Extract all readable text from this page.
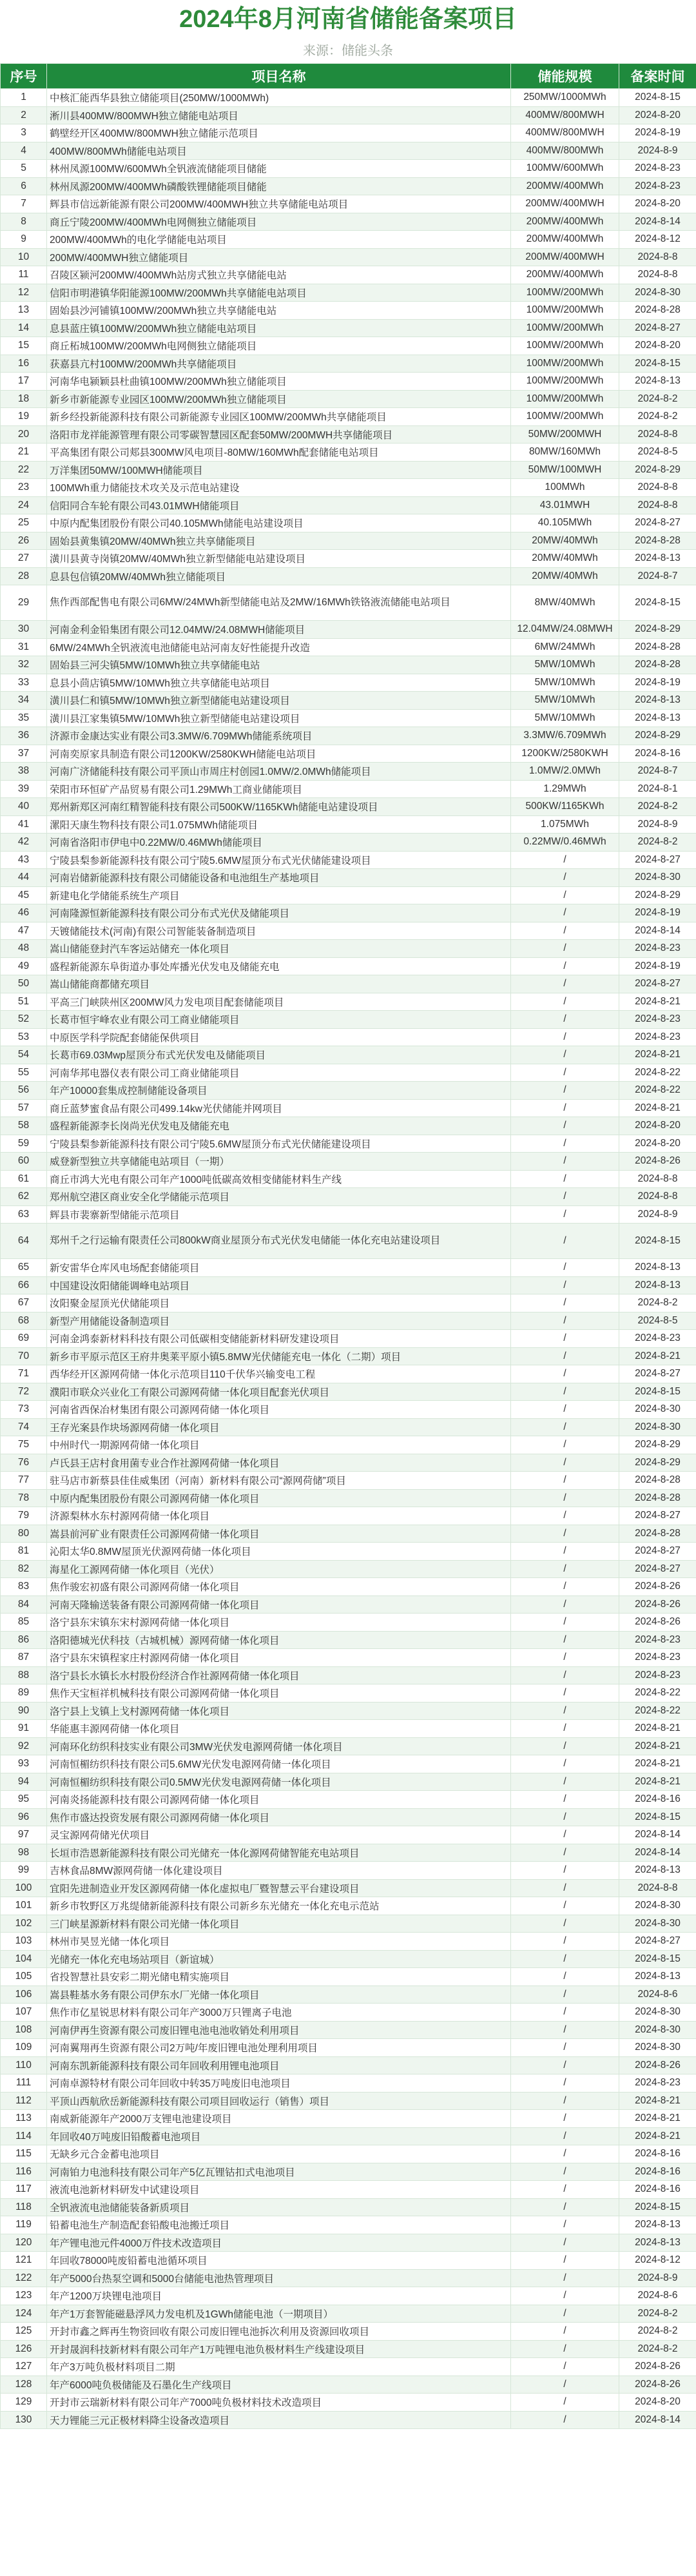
2024年8月河南省储能备案项目
来源：储能头条
序号	项目名称	储能规模	备案时间
1	中核汇能西华县独立储能项目(250MW/1000MWh)	250MW/1000MWh	2024-8-15
2	淅川县400MW/800MWH独立储能电站项目	400MW/800MWH	2024-8-20
3	鹤壁经开区400MW/800MWH独立储能示范项目	400MW/800MWH	2024-8-19
4	400MW/800MWh储能电站项目	400MW/800MWh	2024-8-9
5	林州凤源100MW/600MWh全钒液流储能项目储能	100MW/600MWh	2024-8-23
6	林州凤源200MW/400MWh磷酸铁锂储能项目储能	200MW/400MWh	2024-8-23
7	辉县市信远新能源有限公司200MW/400MWH独立共享储能电站项目	200MW/400MWH	2024-8-20
8	商丘宁陵200MW/400MWh电网侧独立储能项目	200MW/400MWh	2024-8-14
9	200MW/400MWh的电化学储能电站项目	200MW/400MWh	2024-8-12
10	200MW/400MWH独立储能项目	200MW/400MWH	2024-8-8
11	召陵区颍河200MW/400MWh站房式独立共享储能电站	200MW/400MWh	2024-8-8
12	信阳市明港镇华阳能源100MW/200MWh共享储能电站项目	100MW/200MWh	2024-8-30
13	固始县沙河铺镇100MW/200MWh独立共享储能电站	100MW/200MWh	2024-8-28
14	息县蓝庄镇100MW/200MWh独立储能电站项目	100MW/200MWh	2024-8-27
15	商丘柘城100MW/200MWh电网侧独立储能项目	100MW/200MWh	2024-8-20
16	获嘉县亢村100MW/200MWh共享储能项目	100MW/200MWh	2024-8-15
17	河南华电颍颖县杜曲镇100MW/200MWh独立储能项目	100MW/200MWh	2024-8-13
18	新乡市新能源专业园区100MW/200MWh独立储能项目	100MW/200MWh	2024-8-2
19	新乡经投新能源科技有限公司新能源专业园区100MW/200MWh共享储能项目	100MW/200MWh	2024-8-2
20	洛阳市龙祥能源管理有限公司零碳智慧园区配套50MW/200MWH共享储能项目	50MW/200MWH	2024-8-8
21	平高集团有限公司郏县300MW风电项目-80MW/160MWh配套储能电站项目	80MW/160MWh	2024-8-5
22	万洋集团50MW/100MWH储能项目	50MW/100MWH	2024-8-29
23	100MWh重力储能技术攻关及示范电站建设	100MWh	2024-8-8
24	信阳同合车轮有限公司43.01MWH储能项目	43.01MWH	2024-8-8
25	中原内配集团股份有限公司40.105MWh储能电站建设项目	40.105MWh	2024-8-27
26	固始县黄集镇20MW/40MWh独立共享储能项目	20MW/40MWh	2024-8-28
27	潢川县黄寺岗镇20MW/40MWh独立新型储能电站建设项目	20MW/40MWh	2024-8-13
28	息县包信镇20MW/40MWh独立储能项目	20MW/40MWh	2024-8-7
29	焦作西部配售电有限公司6MW/24MWh新型储能电站及2MW/16MWh铁铬液流储能电站项目	8MW/40MWh	2024-8-15
30	河南金利金铅集团有限公司12.04MW/24.08MWH储能项目	12.04MW/24.08MWH	2024-8-29
31	6MW/24MWh全钒液流电池储能电站河南友好性能提升改造	6MW/24MWh	2024-8-28
32	固始县三河尖镇5MW/10MWh独立共享储能电站	5MW/10MWh	2024-8-28
33	息县小茴店镇5MW/10MWh独立共享储能电站项目	5MW/10MWh	2024-8-19
34	潢川县仁和镇5MW/10MWh独立新型储能电站建设项目	5MW/10MWh	2024-8-13
35	潢川县江家集镇5MW/10MWh独立新型储能电站建设项目	5MW/10MWh	2024-8-13
36	济源市金康达实业有限公司3.3MW/6.709MWh储能系统项目	3.3MW/6.709MWh	2024-8-29
37	河南奕原家具制造有限公司1200KW/2580KWH储能电站项目	1200KW/2580KWH	2024-8-16
38	河南广济储能科技有限公司平顶山市周庄村创园1.0MW/2.0MWh储能项目	1.0MW/2.0MWh	2024-8-7
39	荣阳市环恒矿产品贸易有限公司1.29MWh工商业储能项目	1.29MWh	2024-8-1
40	郑州新郑区河南红精智能科技有限公司500KW/1165KWh储能电站建设项目	500KW/1165KWh	2024-8-2
41	漯阳天康生物科技有限公司1.075MWh储能项目	1.075MWh	2024-8-9
42	河南省洛阳市伊电中0.22MW/0.46MWh储能项目	0.22MW/0.46MWh	2024-8-2
43	宁陵县梨参新能源科技有限公司宁陵5.6MW屋顶分布式光伏储能建设项目	/	2024-8-27
44	河南岩储新能源科技有限公司储能设备和电池组生产基地项目	/	2024-8-30
45	新建电化学储能系统生产项目	/	2024-8-29
46	河南隆源恒新能源科技有限公司分布式光伏及储能项目	/	2024-8-19
47	天镀储能技术(河南)有限公司智能装备制造项目	/	2024-8-14
48	嵩山储能登封汽车客运站储充一体化项目	/	2024-8-23
49	盛程新能源东阜街道办事处库播光伏发电及储能充电	/	2024-8-19
50	嵩山储能商都储充项目	/	2024-8-27
51	平高三门峡陕州区200MW风力发电项目配套储能项目	/	2024-8-21
52	长葛市恒宇峰农业有限公司工商业储能项目	/	2024-8-23
53	中原医学科学院配套储能保供项目	/	2024-8-23
54	长葛市69.03Mwp屋顶分布式光伏发电及储能项目	/	2024-8-21
55	河南华邦电器仪表有限公司工商业储能项目	/	2024-8-22
56	年产10000套集成控制储能设备项目	/	2024-8-22
57	商丘蓝梦蜜食品有限公司499.14kw光伏储能并网项目	/	2024-8-21
58	盛程新能源李长岗尚光伏发电及储能充电	/	2024-8-20
59	宁陵县梨参新能源科技有限公司宁陵5.6MW屋顶分布式光伏储能建设项目	/	2024-8-20
60	威登新型独立共享储能电站项目（一期）	/	2024-8-26
61	商丘市鸿大光电有限公司年产1000吨低碳高效相变储能材料生产线	/	2024-8-8
62	郑州航空港区商业安全化学储能示范项目	/	2024-8-8
63	辉县市裴寨新型储能示范项目	/	2024-8-9
64	郑州千之行运输有限责任公司800kW商业屋顶分布式光伏发电储能一体化充电站建设项目	/	2024-8-15
65	新安雷华仓库风电场配套储能项目	/	2024-8-13
66	中国建设汝阳储能调峰电站项目	/	2024-8-13
67	汝阳聚金屋顶光伏储能项目	/	2024-8-2
68	新型产用储能设备制造项目	/	2024-8-5
69	河南金鸿泰新材料科技有限公司低碳相变储能新材料研发建设项目	/	2024-8-23
70	新乡市平原示范区王府井奥莱平原小镇5.8MW光伏储能充电一体化（二期）项目	/	2024-8-21
71	西华经开区源网荷储一体化示范项目110千伏华兴输变电工程	/	2024-8-27
72	濮阳市联众兴业化工有限公司源网荷储一体化项目配套光伏项目	/	2024-8-15
73	河南省西保冶材集团有限公司源网荷储一体化项目	/	2024-8-30
74	王存光案县作块场源网荷储一体化项目	/	2024-8-30
75	中州时代一期源网荷储一体化项目	/	2024-8-29
76	卢氏县王店村食用菌专业合作社源网荷储一体化项目	/	2024-8-29
77	驻马店市新蔡县佳佳威集团（河南）新材料有限公司“源网荷储”项目	/	2024-8-28
78	中原内配集团股份有限公司源网荷储一体化项目	/	2024-8-28
79	济源梨林水东村源网荷储一体化项目	/	2024-8-27
80	嵩县前河矿业有限责任公司源网荷储一体化项目	/	2024-8-28
81	沁阳太华0.8MW屋顶光伏源网荷储一体化项目	/	2024-8-27
82	海星化工源网荷储一体化项目（光伏）	/	2024-8-27
83	焦作骏宏初盛有限公司源网荷储一体化项目	/	2024-8-26
84	河南天隆输送装备有限公司源网荷储一体化项目	/	2024-8-26
85	洛宁县东宋镇东宋村源网荷储一体化项目	/	2024-8-26
86	洛阳德城光伏科技（古城机械）源网荷储一体化项目	/	2024-8-23
87	洛宁县东宋镇程家庄村源网荷储一体化项目	/	2024-8-23
88	洛宁县长水镇长水村股份经济合作社源网荷储一体化项目	/	2024-8-23
89	焦作天宝桓祥机械科技有限公司源网荷储一体化项目	/	2024-8-22
90	洛宁县上戈镇上戈村源网荷储一体化项目	/	2024-8-22
91	华能惠丰源网荷储一体化项目	/	2024-8-21
92	河南环化纺织科技实业有限公司3MW光伏发电源网荷储一体化项目	/	2024-8-21
93	河南恒楣纺织科技有限公司5.6MW光伏发电源网荷储一体化项目	/	2024-8-21
94	河南恒楣纺织科技有限公司0.5MW光伏发电源网荷储一体化项目	/	2024-8-21
95	河南炎扬能源科技有限公司源网荷储一体化项目	/	2024-8-16
96	焦作市盛达投资发展有限公司源网荷储一体化项目	/	2024-8-15
97	灵宝源网荷储光伏项目	/	2024-8-14
98	长垣市浩恩新能源科技有限公司光储充一体化源网荷储智能充电站项目	/	2024-8-14
99	吉林食品8MW源网荷储一体化建设项目	/	2024-8-13
100	宜阳先进制造业开发区源网荷储一体化虚拟电厂暨智慧云平台建设项目	/	2024-8-8
101	新乡市牧野区万兆缇储新能源科技有限公司新乡东光储充一体化充电示范站	/	2024-8-30
102	三门峡星源新材料有限公司光储一体化项目	/	2024-8-30
103	林州市昊昱光储一体化项目	/	2024-8-27
104	光储充一体化充电场站项目（新谊城）	/	2024-8-15
105	省投智慧社县安彩二期光储电精实施项目	/	2024-8-13
106	嵩县鞋基水务有限公司伊东水厂光储一体化项目	/	2024-8-6
107	焦作市亿星锐思材料有限公司年产3000万只锂离子电池	/	2024-8-30
108	河南伊再生资源有限公司废旧锂电池电池收销处利用项目	/	2024-8-30
109	河南翼翔再生资源有限公司2万吨/年废旧锂电池处理利用项目	/	2024-8-30
110	河南东凯新能源科技有限公司年回收利用锂电池项目	/	2024-8-26
111	河南卓源特材有限公司年回收中转35万吨废旧电池项目	/	2024-8-23
112	平顶山西航欣岳新能源科技有限公司项目回收运行（销售）项目	/	2024-8-21
113	南威新能源年产2000万支锂电池建设项目	/	2024-8-21
114	年回收40万吨废旧铅酸蓄电池项目	/	2024-8-21
115	无缺乡元合金蓄电池项目	/	2024-8-16
116	河南铂力电池科技有限公司年产5亿瓦锂钴扣式电池项目	/	2024-8-16
117	液流电池新材料研发中试建设项目	/	2024-8-16
118	全钒液流电池储能装备新质项目	/	2024-8-15
119	铅蓄电池生产制造配套铅酸电池搬迁项目	/	2024-8-13
120	年产锂电池元件4000万件技术改造项目	/	2024-8-13
121	年回收78000吨废铅蓄电池循环项目	/	2024-8-12
122	年产5000台热泵空调和5000台储能电池热管理项目	/	2024-8-9
123	年产1200万块锂电池项目	/	2024-8-6
124	年产1万套智能磁悬浮风力发电机及1GWh储能电池（一期项目）	/	2024-8-2
125	开封市鑫之辉再生物资回收有限公司废旧锂电池拆次利用及资源回收项目	/	2024-8-2
126	开封晟润科技新材料有限公司年产1万吨锂电池负极材料生产线建设项目	/	2024-8-2
127	年产3万吨负极材料项目二期	/	2024-8-26
128	年产6000吨负极储能及石墨化生产线项目	/	2024-8-26
129	开封市云瑞新材料有限公司年产7000吨负极材料技术改造项目	/	2024-8-20
130	天力锂能三元正极材料降尘设备改造项目	/	2024-8-14
